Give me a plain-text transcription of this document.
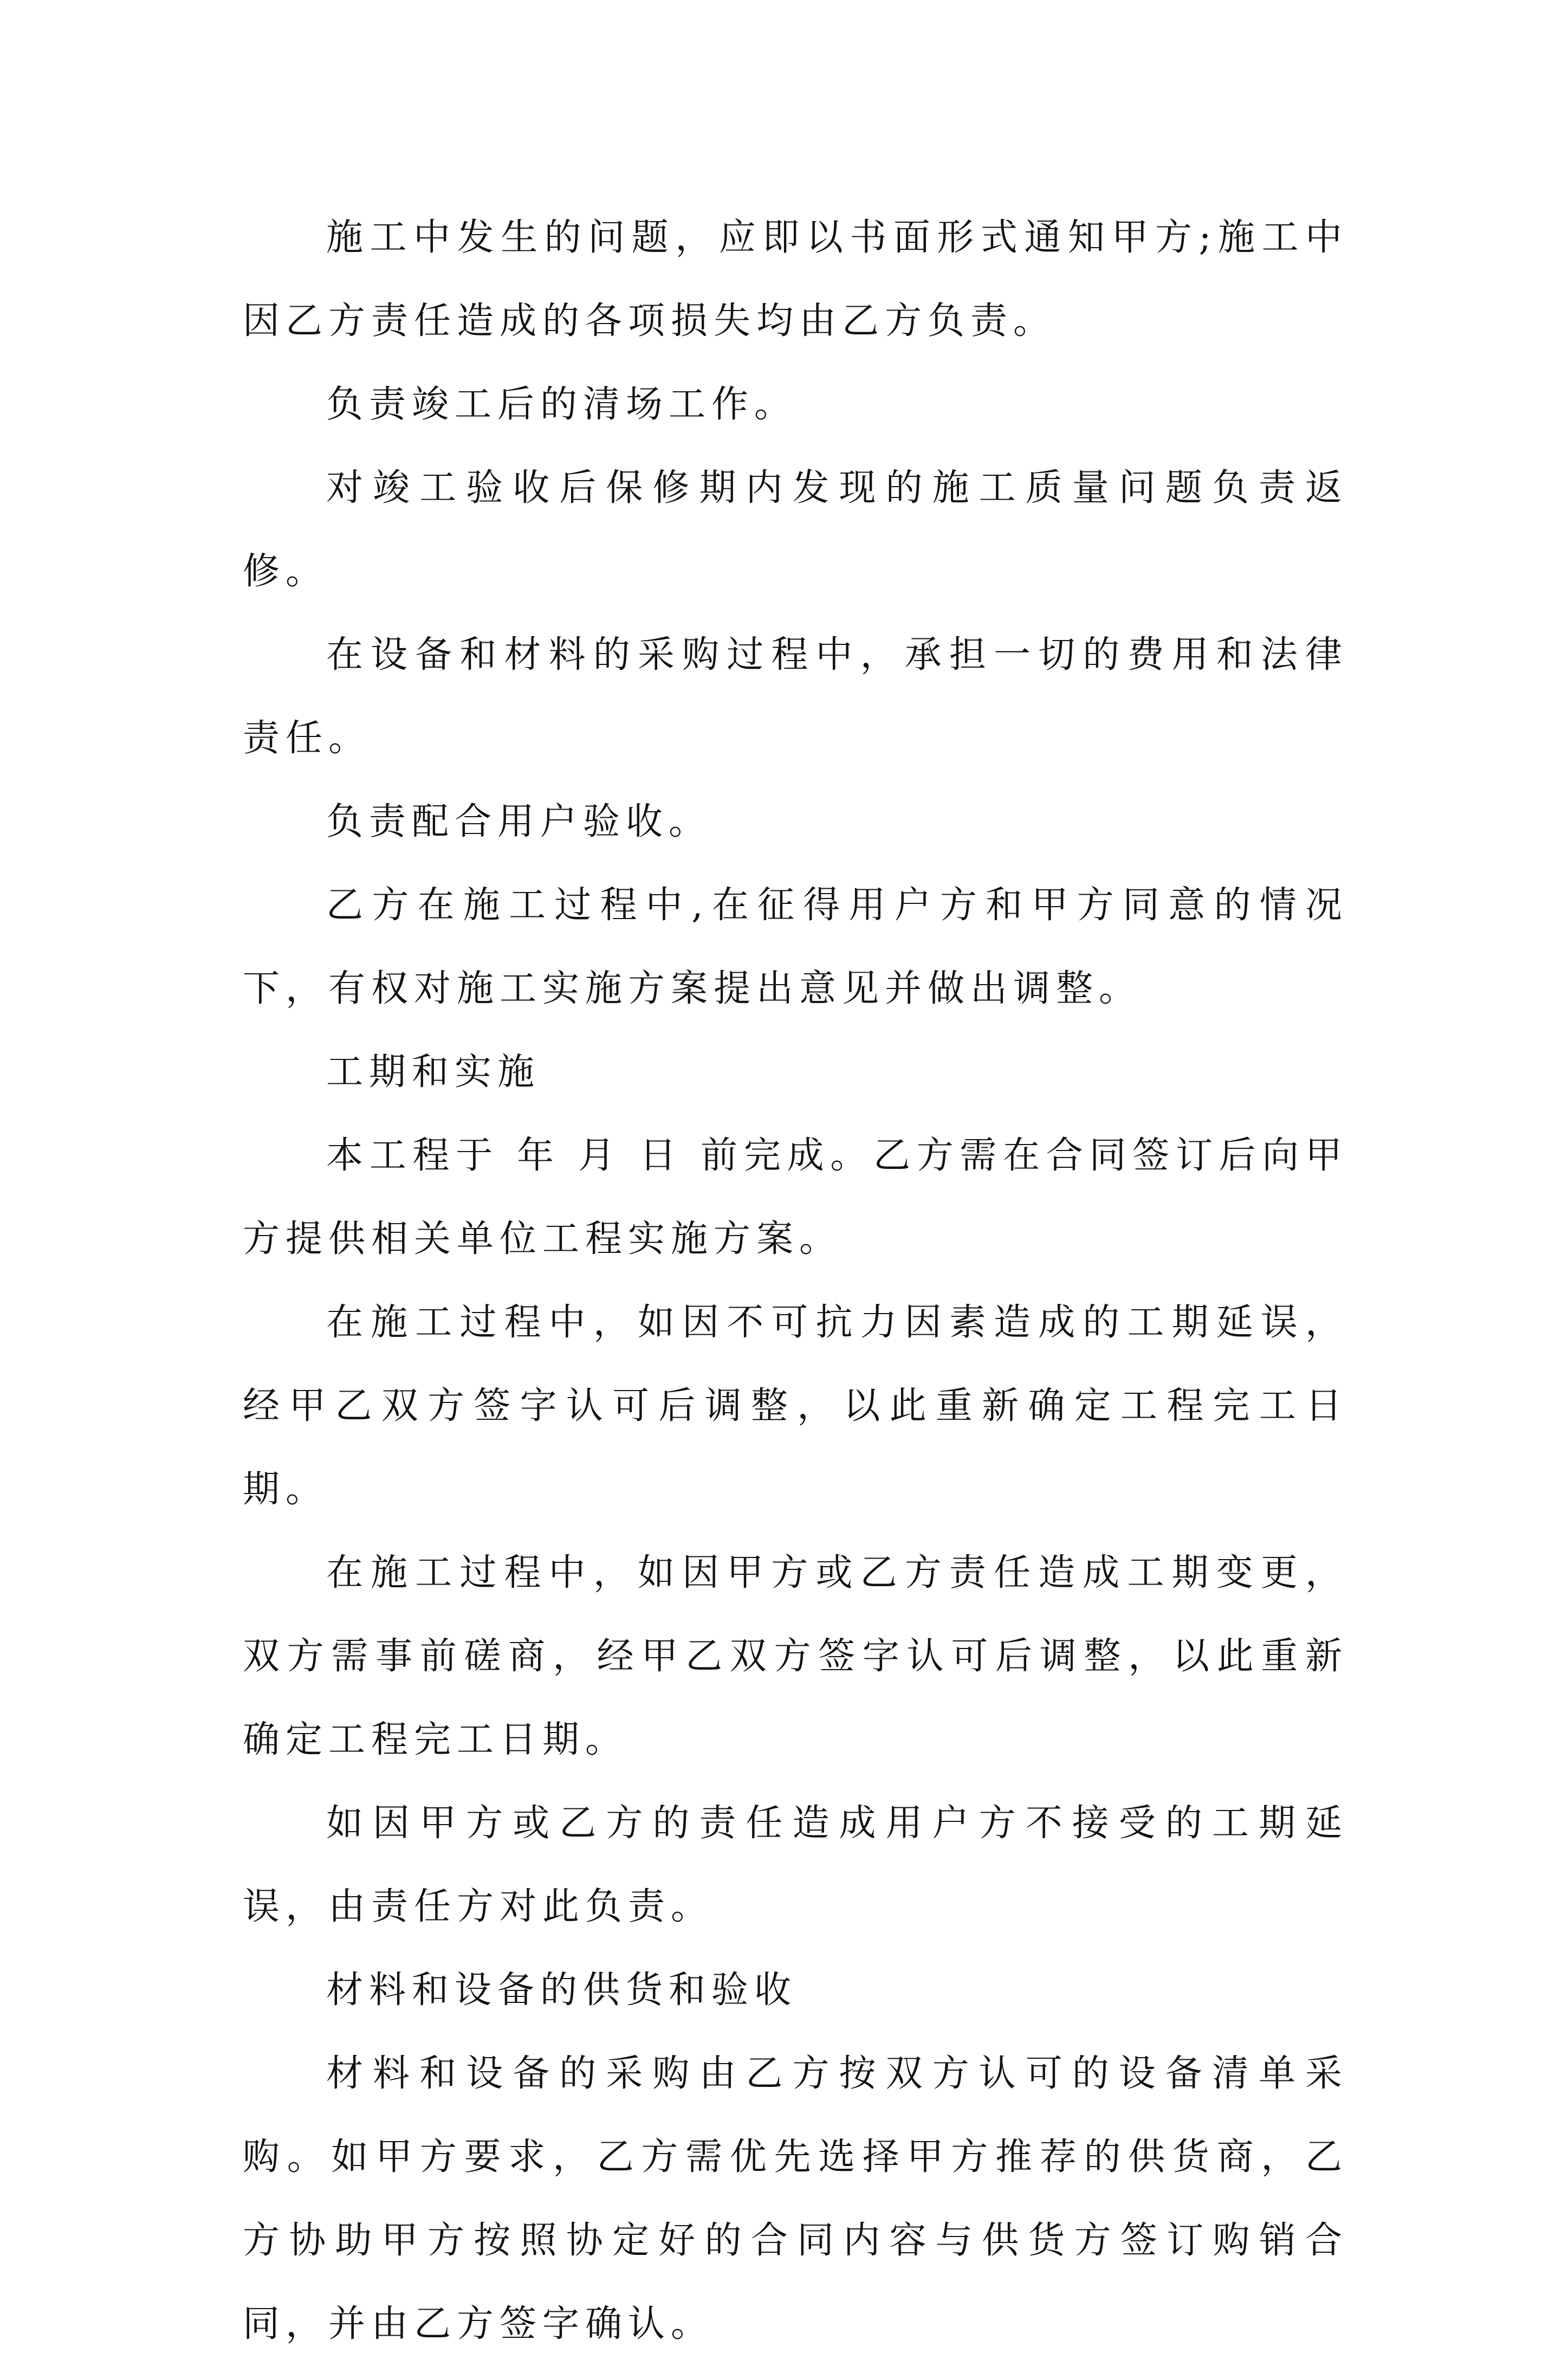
施工中发生的问题，应即以书面形式通知甲方;施工中因乙方责任造成的各项损失均由乙方负责。

负责竣工后的清场工作。

对竣工验收后保修期内发现的施工质量问题负责返修。

在设备和材料的采购过程中，承担一切的费用和法律责任。

负责配合用户验收。

乙方在施工过程中,在征得用户方和甲方同意的情况下，有权对施工实施方案提出意见并做出调整。

工期和实施

本工程于 年 月 日 前完成。乙方需在合同签订后向甲方提供相关单位工程实施方案。

在施工过程中，如因不可抗力因素造成的工期延误，经甲乙双方签字认可后调整，以此重新确定工程完工日期。

在施工过程中，如因甲方或乙方责任造成工期变更，双方需事前磋商，经甲乙双方签字认可后调整，以此重新确定工程完工日期。

如因甲方或乙方的责任造成用户方不接受的工期延误，由责任方对此负责。

材料和设备的供货和验收

材料和设备的采购由乙方按双方认可的设备清单采购。如甲方要求，乙方需优先选择甲方推荐的供货商，乙方协助甲方按照协定好的合同内容与供货方签订购销合同，并由乙方签字确认。
